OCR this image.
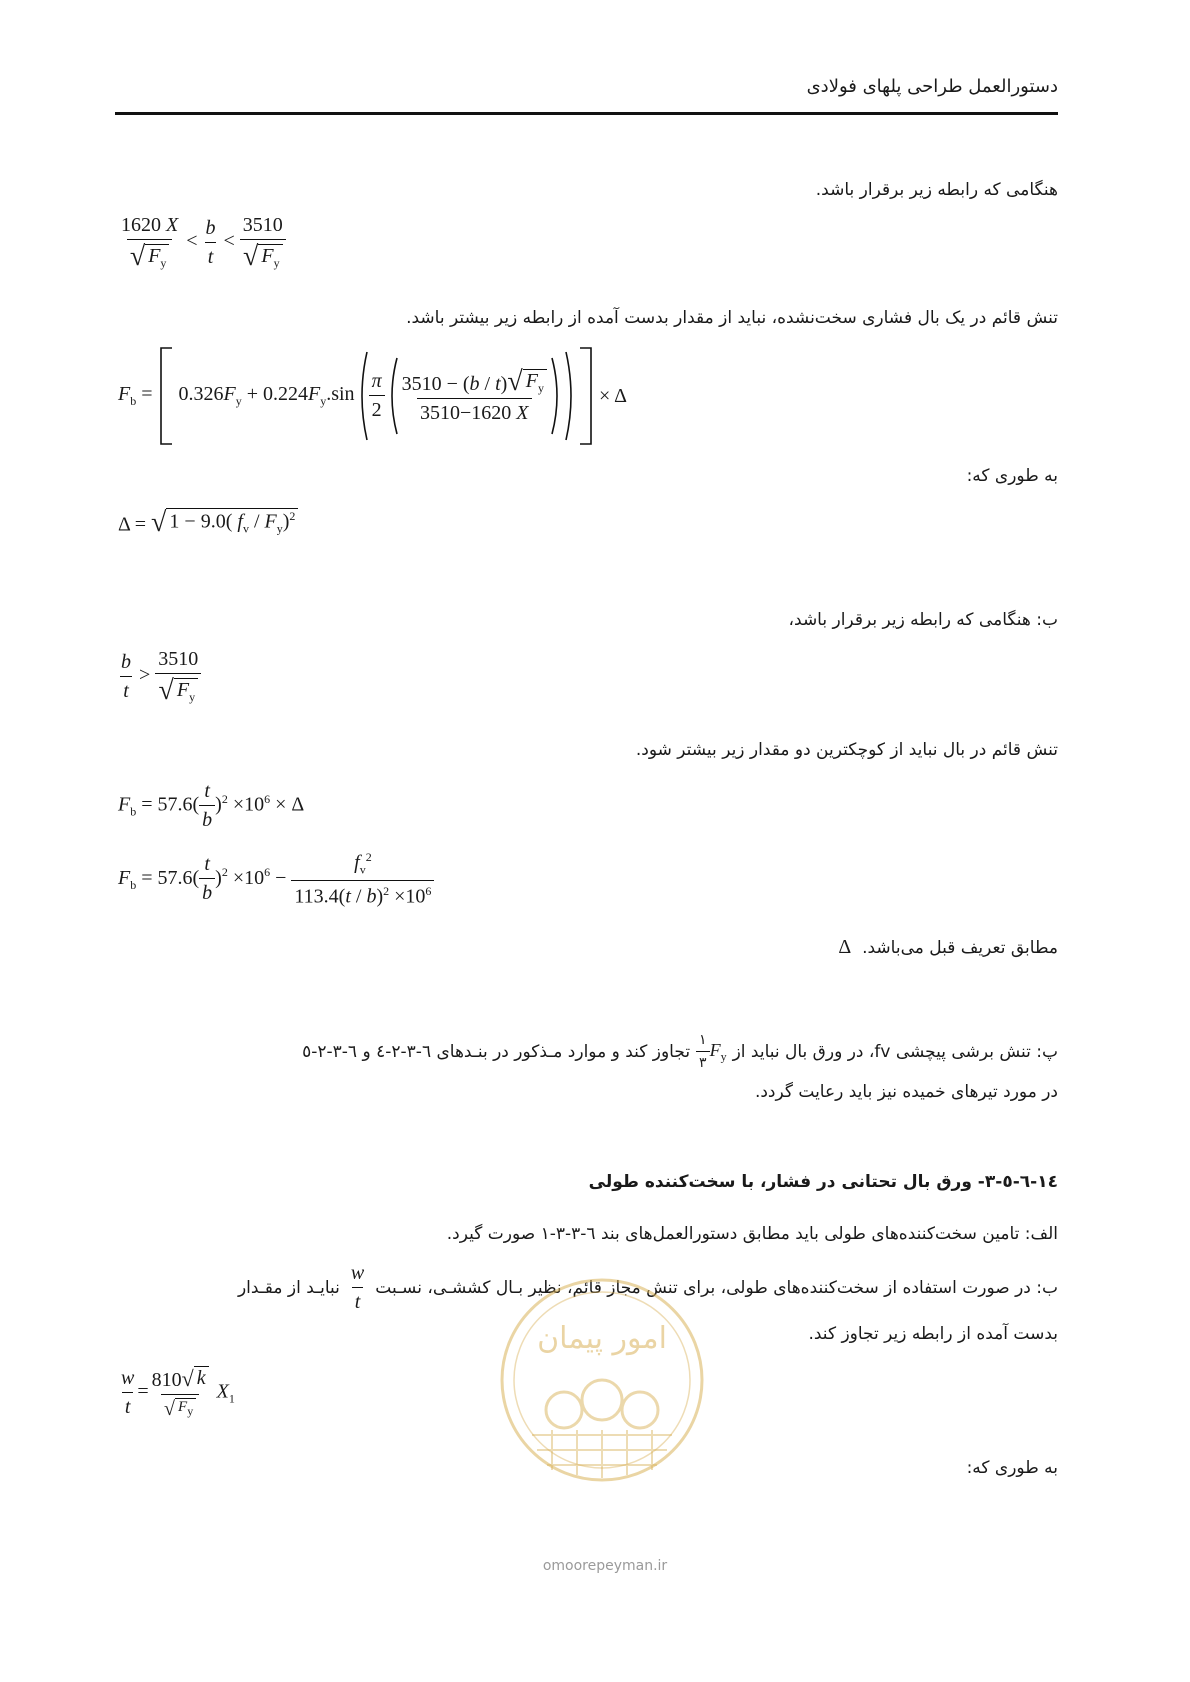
دستورالعمل طراحی پلهای فولادی
هنگامی که رابطه زیر برقرار باشد.
$\frac{1620 X}{√ F_y} < \frac{b}{t} < \frac{3510}{√ F_y}$
تنش قائم در یک بال فشاری سخت‌نشده، نباید از مقدار بدست آمده از رابطه زیر بیشتر باشد.
$F_b = 0.326F_y + 0.224F_y.\sin \frac{\pi}{2} \frac{3510 - (b / t) √ F_y}{3510-1620 X} \times \Delta$
به طوری که:
Δ = √ 1 − 9.0( $f_v / F_y)^2$
ب: هنگامی که رابطه زیر برقرار باشد،
$\frac{b}{t} > \frac{3510}{√ F_y}$
تنش قائم در بال نباید از کوچکترین دو مقدار زیر بیشتر شود.
$F_b = 57.6( \frac{t}{b} )^2 \times 10^6 \times \Delta$
$F_b = 57.6( \frac{t}{b} )^2 \times 10^6 - \frac{f_v^2}{113.4(t / b)^2 \times 10^6}$
مطابق تعریف قبل می‌باشد.  Δ
پ: تنش برشی پیچشی fv، در ورق بال نباید از
$\frac{١}{٣} F_y$
تجاوز کند و موارد مـذکور در بنـدهای ٦-٣-٢-٤ و ٦-٣-٢-٥
در مورد تیرهای خمیده نیز باید رعایت گردد.
١٤-٦-٥-٣- ورق بال تحتانی در فشار، با سخت‌کننده طولی
الف: تامین سخت‌کننده‌های طولی باید مطابق دستورالعمل‌های بند ٦-٣-٣-١ صورت گیرد.
ب: در صورت استفاده از سخت‌کننده‌های طولی، برای تنش مجاز قائم، نظیر بـال کششـی، نسـبت
$\frac{w}{t}$
نبایـد از مقـدار
بدست آمده از رابطه زیر تجاوز کند.
$\frac{w}{t} = \frac{810 √ k}{√ F_y} X_1$
به طوری که:
امور پیمان
omoorepeyman.ir
